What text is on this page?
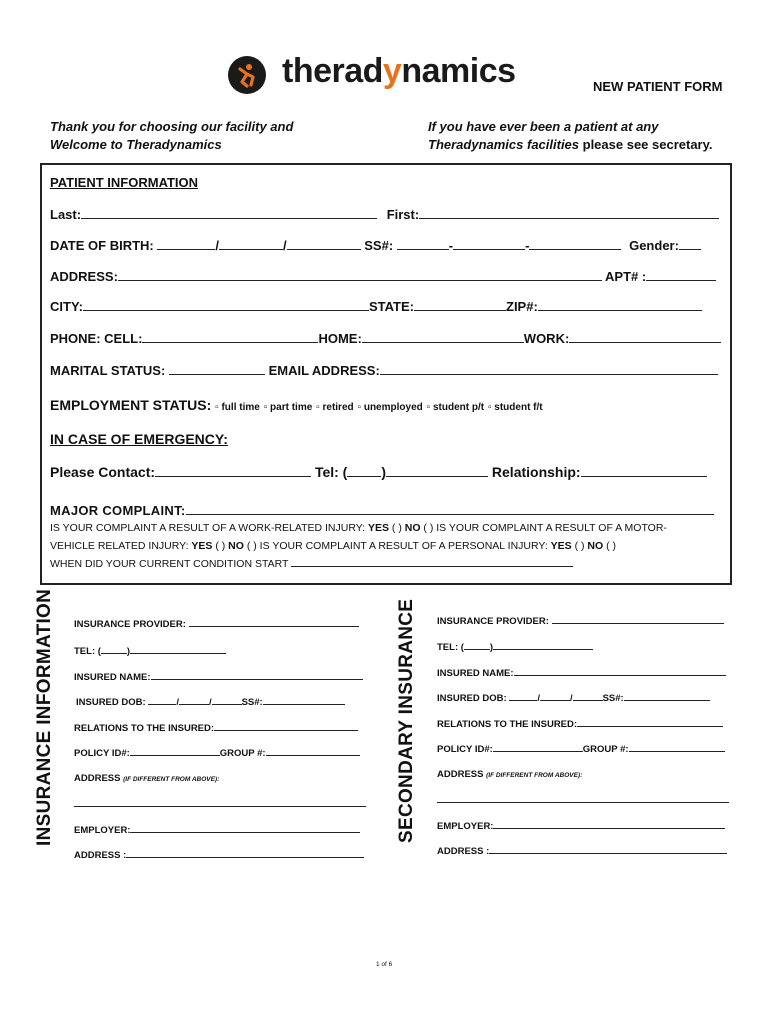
theradynamics	NEW PATIENT FORM
Thank you for choosing our facility and
Welcome to Theradynamics
If you have ever been a patient at any
Theradynamics facilities please see secretary.
PATIENT INFORMATION
Last:	First:
DATE OF BIRTH:	/	/	SS#:	-	-	Gender:
ADDRESS:	APT# :
CITY:	STATE:	ZIP#:
PHONE: CELL:	HOME:	WORK:
MARITAL STATUS:	EMAIL ADDRESS:
EMPLOYMENT STATUS: ▫ full time ▫ part time ▫ retired ▫ unemployed ▫ student p/t ▫ student f/t
IN CASE OF EMERGENCY:
Please Contact:	Tel: ( )	Relationship:
MAJOR COMPLAINT:
IS YOUR COMPLAINT A RESULT OF A WORK-RELATED INJURY: YES ( ) NO ( ) IS YOUR COMPLAINT A RESULT OF A MOTOR-
VEHICLE RELATED INJURY: YES ( ) NO ( ) IS YOUR COMPLAINT A RESULT OF A PERSONAL INJURY: YES ( ) NO ( )
WHEN DID YOUR CURRENT CONDITION START
INSURANCE INFORMATION	SECONDARY INSURANCE
INSURANCE PROVIDER:
TEL: (	)
INSURED NAME:
INSURED DOB:	/	/	SS#:
RELATIONS TO THE INSURED:
POLICY ID#:	GROUP #:
ADDRESS (IF DIFFERENT FROM ABOVE):
EMPLOYER:
ADDRESS :
INSURANCE PROVIDER:
TEL: (	)
INSURED NAME:
INSURED DOB:	/	/	SS#:
RELATIONS TO THE INSURED:
POLICY ID#:	GROUP #:
ADDRESS (IF DIFFERENT FROM ABOVE):
EMPLOYER:
ADDRESS :
1 of 6
